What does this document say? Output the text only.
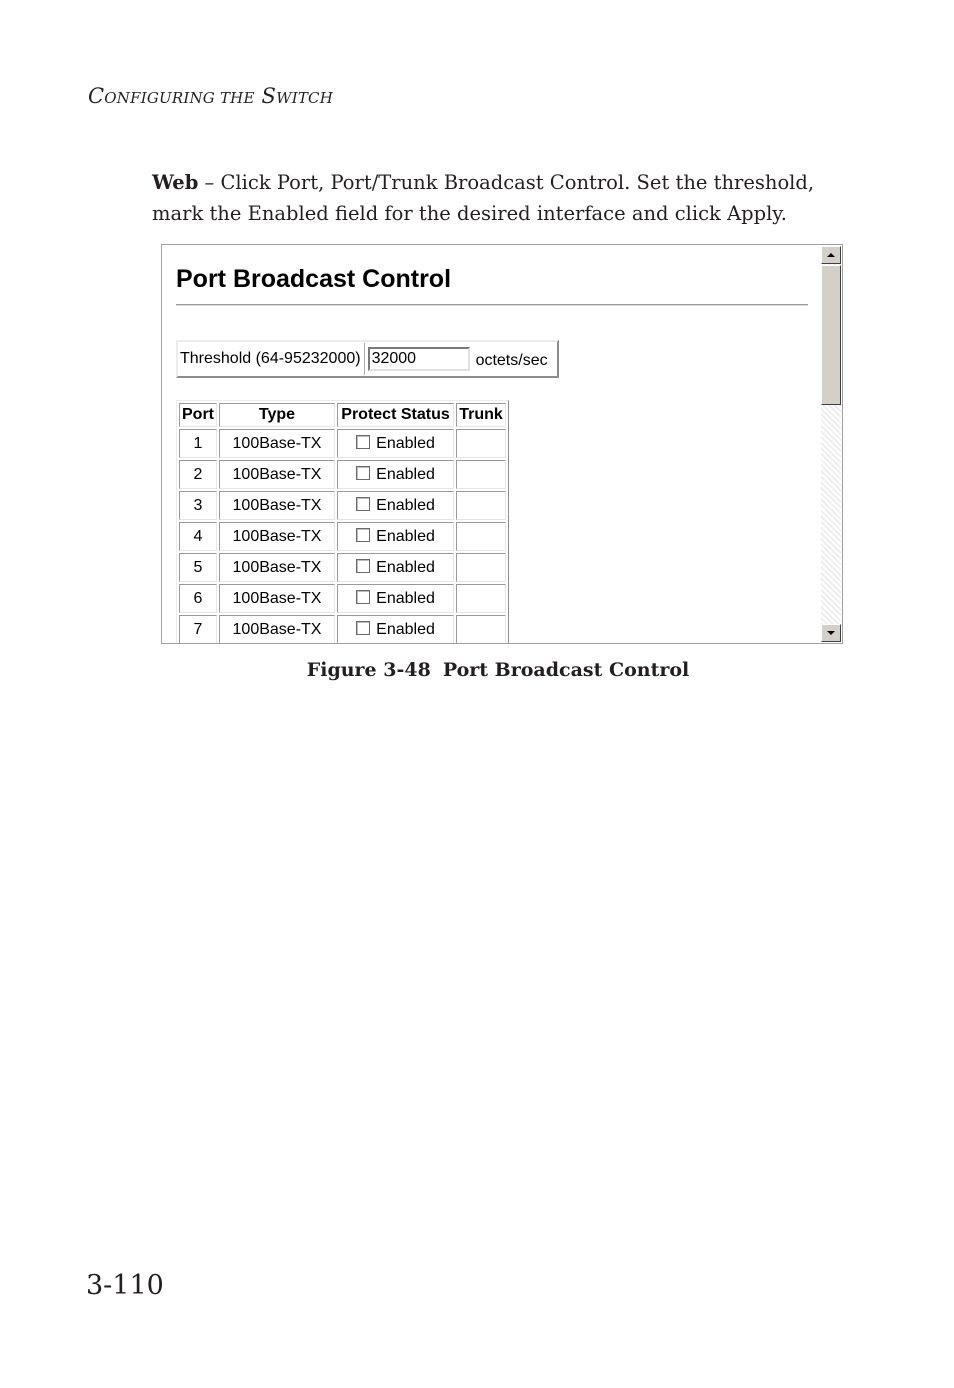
CONFIGURING THE SWITCH
Web – Click Port, Port/Trunk Broadcast Control. Set the threshold, mark the Enabled field for the desired interface and click Apply.
Port Broadcast Control
Threshold (64-95232000)
32000	octets/sec
Port	Type	Protect Status	Trunk
1	100Base-TX	Enabled	
2	100Base-TX	Enabled	
3	100Base-TX	Enabled	
4	100Base-TX	Enabled	
5	100Base-TX	Enabled	
6	100Base-TX	Enabled	
7	100Base-TX	Enabled	

Figure 3-48 Port Broadcast Control
3-110
